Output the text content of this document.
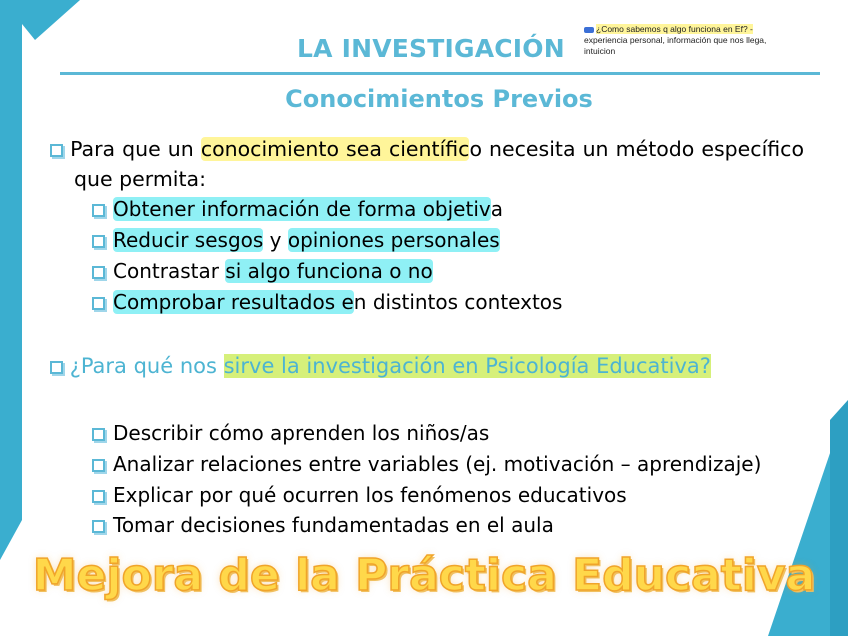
LA INVESTIGACIÓN
¿Como sabemos q algo funciona en Ef? -
experiencia personal, información que nos llega,
intuicion
Conocimientos Previos
Para que un conocimiento sea científico necesita un método específico que permita:
Obtener información de forma objetiva
Reducir sesgos y opiniones personales
Contrastar si algo funciona o no
Comprobar resultados en distintos contextos
¿Para qué nos sirve la investigación en Psicología Educativa?
Describir cómo aprenden los niños/as
Analizar relaciones entre variables (ej. motivación – aprendizaje)
Explicar por qué ocurren los fenómenos educativos
Tomar decisiones fundamentadas en el aula
Mejora de la Práctica Educativa
